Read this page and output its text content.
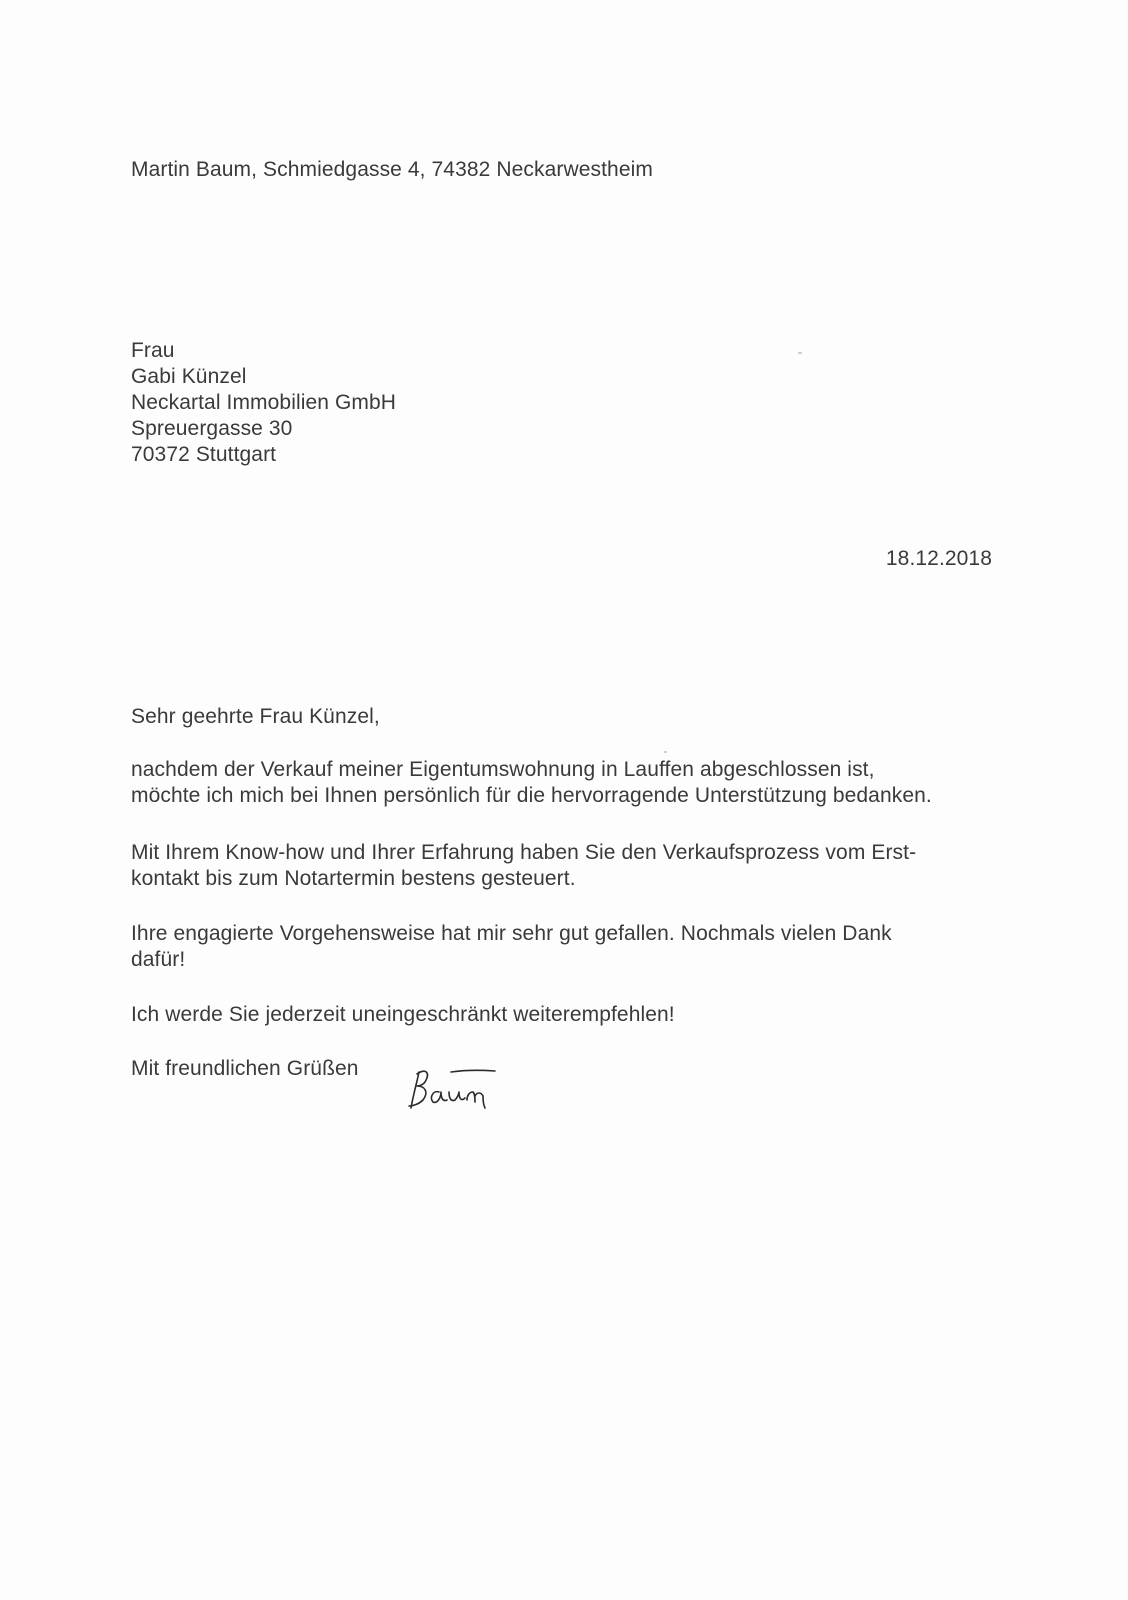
Martin Baum, Schmiedgasse 4, 74382 Neckarwestheim
Frau
Gabi Künzel
Neckartal Immobilien GmbH
Spreuergasse 30
70372 Stuttgart
18.12.2018
Sehr geehrte Frau Künzel,
nachdem der Verkauf meiner Eigentumswohnung in Lauffen abgeschlossen ist,
möchte ich mich bei Ihnen persönlich für die hervorragende Unterstützung bedanken.
Mit Ihrem Know-how und Ihrer Erfahrung haben Sie den Verkaufsprozess vom Erst-
kontakt bis zum Notartermin bestens gesteuert.
Ihre engagierte Vorgehensweise hat mir sehr gut gefallen. Nochmals vielen Dank
dafür!
Ich werde Sie jederzeit uneingeschränkt weiterempfehlen!
Mit freundlichen Grüßen
